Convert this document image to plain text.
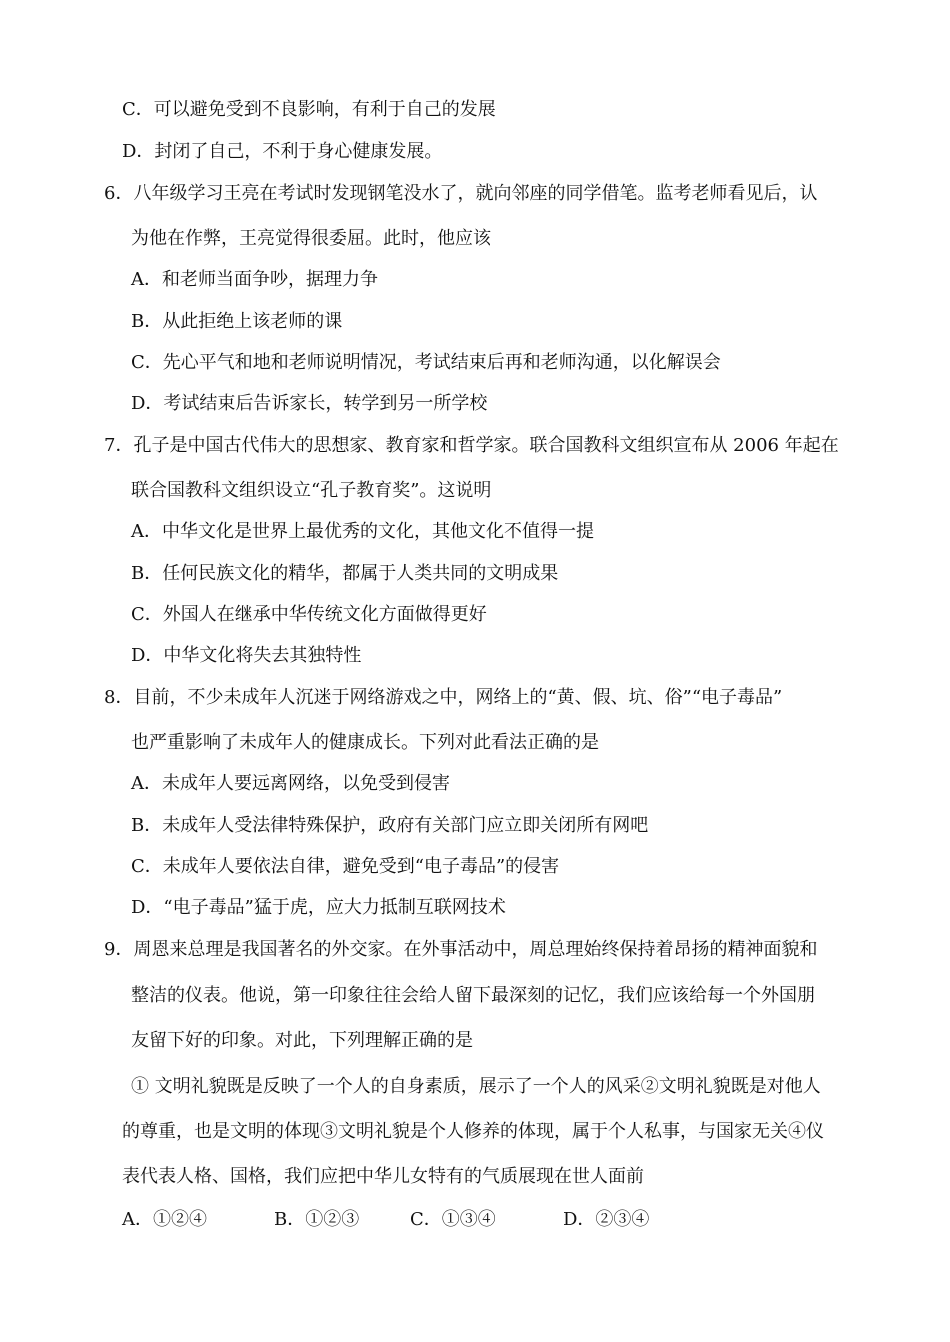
C．可以避免受到不良影响，有利于自己的发展
D．封闭了自己，不利于身心健康发展。
6．八年级学习王亮在考试时发现钢笔没水了，就向邻座的同学借笔。监考老师看见后，认
为他在作弊，王亮觉得很委屈。此时，他应该
A．和老师当面争吵，据理力争
B．从此拒绝上该老师的课
C．先心平气和地和老师说明情况，考试结束后再和老师沟通，以化解误会
D．考试结束后告诉家长，转学到另一所学校
7．孔子是中国古代伟大的思想家、教育家和哲学家。联合国教科文组织宣布从 2006 年起在
联合国教科文组织设立“孔子教育奖”。这说明
A．中华文化是世界上最优秀的文化，其他文化不值得一提
B．任何民族文化的精华，都属于人类共同的文明成果
C．外国人在继承中华传统文化方面做得更好
D．中华文化将失去其独特性
8．目前，不少未成年人沉迷于网络游戏之中，网络上的“黄、假、坑、俗”“电子毒品”
也严重影响了未成年人的健康成长。下列对此看法正确的是
A．未成年人要远离网络，以免受到侵害
B．未成年人受法律特殊保护，政府有关部门应立即关闭所有网吧
C．未成年人要依法自律，避免受到“电子毒品”的侵害
D．“电子毒品”猛于虎，应大力抵制互联网技术
9．周恩来总理是我国著名的外交家。在外事活动中，周总理始终保持着昂扬的精神面貌和
整洁的仪表。他说，第一印象往往会给人留下最深刻的记忆，我们应该给每一个外国朋
友留下好的印象。对此，下列理解正确的是
① 文明礼貌既是反映了一个人的自身素质，展示了一个人的风采②文明礼貌既是对他人
的尊重，也是文明的体现③文明礼貌是个人修养的体现，属于个人私事，与国家无关④仪
表代表人格、国格，我们应把中华儿女特有的气质展现在世人面前
A．①②④	B．①②③	C．①③④	D．②③④
